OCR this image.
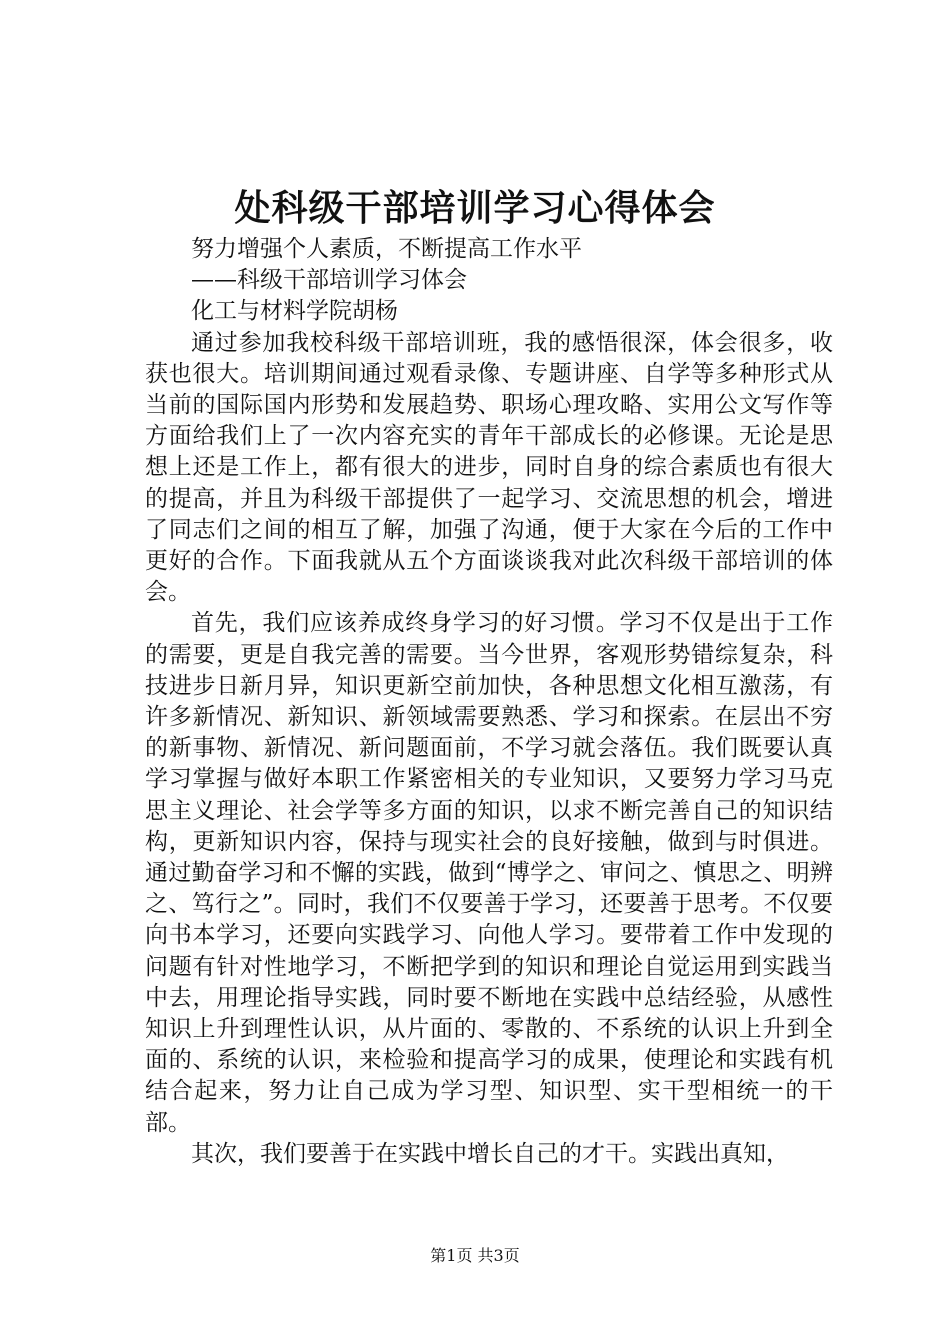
处科级干部培训学习心得体会

努力增强个人素质，不断提高工作水平

——科级干部培训学习体会

化工与材料学院胡杨

通过参加我校科级干部培训班，我的感悟很深，体会很多，收获也很大。培训期间通过观看录像、专题讲座、自学等多种形式从当前的国际国内形势和发展趋势、职场心理攻略、实用公文写作等方面给我们上了一次内容充实的青年干部成长的必修课。无论是思想上还是工作上，都有很大的进步，同时自身的综合素质也有很大的提高，并且为科级干部提供了一起学习、交流思想的机会，增进了同志们之间的相互了解，加强了沟通，便于大家在今后的工作中更好的合作。下面我就从五个方面谈谈我对此次科级干部培训的体会。

首先，我们应该养成终身学习的好习惯。学习不仅是出于工作的需要，更是自我完善的需要。当今世界，客观形势错综复杂，科技进步日新月异，知识更新空前加快，各种思想文化相互激荡，有许多新情况、新知识、新领域需要熟悉、学习和探索。在层出不穷的新事物、新情况、新问题面前，不学习就会落伍。我们既要认真学习掌握与做好本职工作紧密相关的专业知识，又要努力学习马克思主义理论、社会学等多方面的知识，以求不断完善自己的知识结构，更新知识内容，保持与现实社会的良好接触，做到与时俱进。通过勤奋学习和不懈的实践，做到“博学之、审问之、慎思之、明辨之、笃行之”。同时，我们不仅要善于学习，还要善于思考。不仅要向书本学习，还要向实践学习、向他人学习。要带着工作中发现的问题有针对性地学习，不断把学到的知识和理论自觉运用到实践当中去，用理论指导实践，同时要不断地在实践中总结经验，从感性知识上升到理性认识，从片面的、零散的、不系统的认识上升到全面的、系统的认识，来检验和提高学习的成果，使理论和实践有机结合起来，努力让自己成为学习型、知识型、实干型相统一的干部。

其次，我们要善于在实践中增长自己的才干。实践出真知，

第1页 共3页
